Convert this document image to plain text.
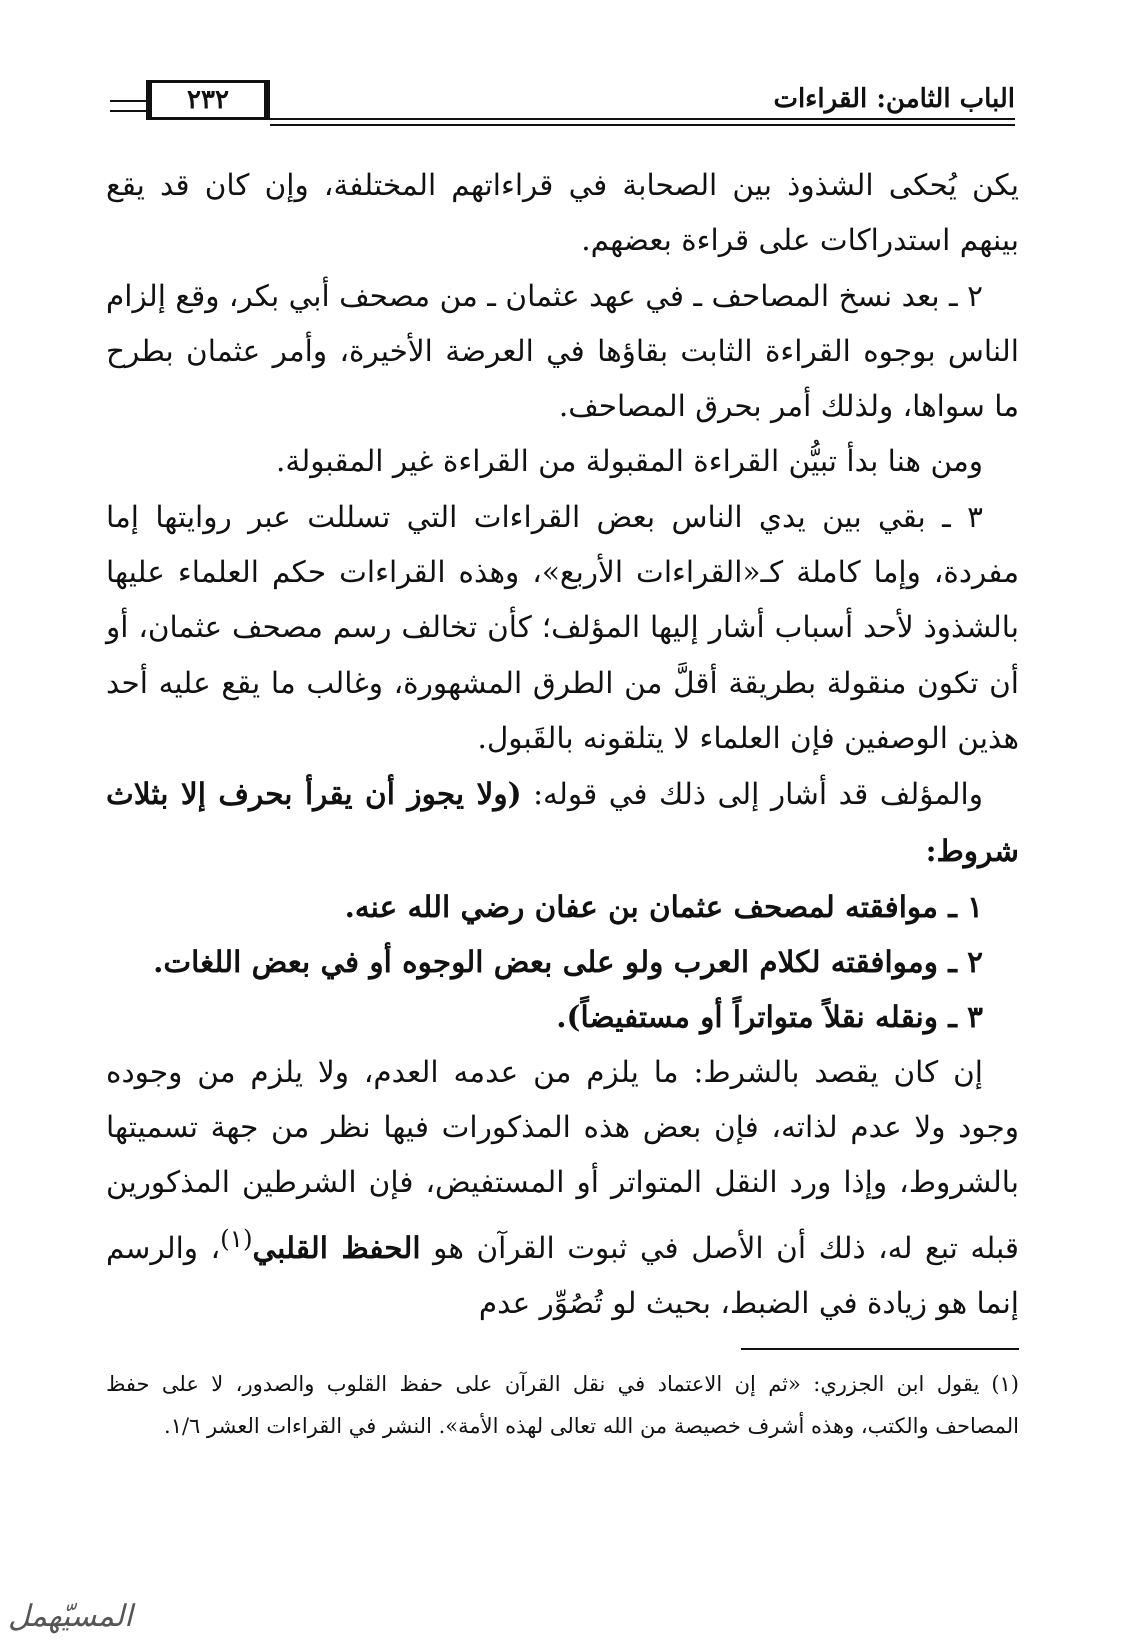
الباب الثامن: القراءات
٢٣٢

يكن يُحكى الشذوذ بين الصحابة في قراءاتهم المختلفة، وإن كان قد يقع بينهم استدراكات على قراءة بعضهم.

٢ ـ بعد نسخ المصاحف ـ في عهد عثمان ـ من مصحف أبي بكر، وقع إلزام الناس بوجوه القراءة الثابت بقاؤها في العرضة الأخيرة، وأمر عثمان بطرح ما سواها، ولذلك أمر بحرق المصاحف.

ومن هنا بدأ تبيُّن القراءة المقبولة من القراءة غير المقبولة.

٣ ـ بقي بين يدي الناس بعض القراءات التي تسللت عبر روايتها إما مفردة، وإما كاملة كـ«القراءات الأربع»، وهذه القراءات حكم العلماء عليها بالشذوذ لأحد أسباب أشار إليها المؤلف؛ كأن تخالف رسم مصحف عثمان، أو أن تكون منقولة بطريقة أقلَّ من الطرق المشهورة، وغالب ما يقع عليه أحد هذين الوصفين فإن العلماء لا يتلقونه بالقَبول.

والمؤلف قد أشار إلى ذلك في قوله: (ولا يجوز أن يقرأ بحرف إلا بثلاث شروط:

١ ـ موافقته لمصحف عثمان بن عفان رضي الله عنه.

٢ ـ وموافقته لكلام العرب ولو على بعض الوجوه أو في بعض اللغات.

٣ ـ ونقله نقلاً متواتراً أو مستفيضاً).

إن كان يقصد بالشرط: ما يلزم من عدمه العدم، ولا يلزم من وجوده وجود ولا عدم لذاته، فإن بعض هذه المذكورات فيها نظر من جهة تسميتها بالشروط، وإذا ورد النقل المتواتر أو المستفيض، فإن الشرطين المذكورين قبله تبع له، ذلك أن الأصل في ثبوت القرآن هو الحفظ القلبي$^{(١)}$، والرسم إنما هو زيادة في الضبط، بحيث لو تُصُوِّر عدم

(١)يقول ابن الجزري: «ثم إن الاعتماد في نقل القرآن على حفظ القلوب والصدور، لا على حفظ المصاحف والكتب، وهذه أشرف خصيصة من الله تعالى لهذه الأمة». النشر في القراءات العشر ١/٦.

المسيّهمل
